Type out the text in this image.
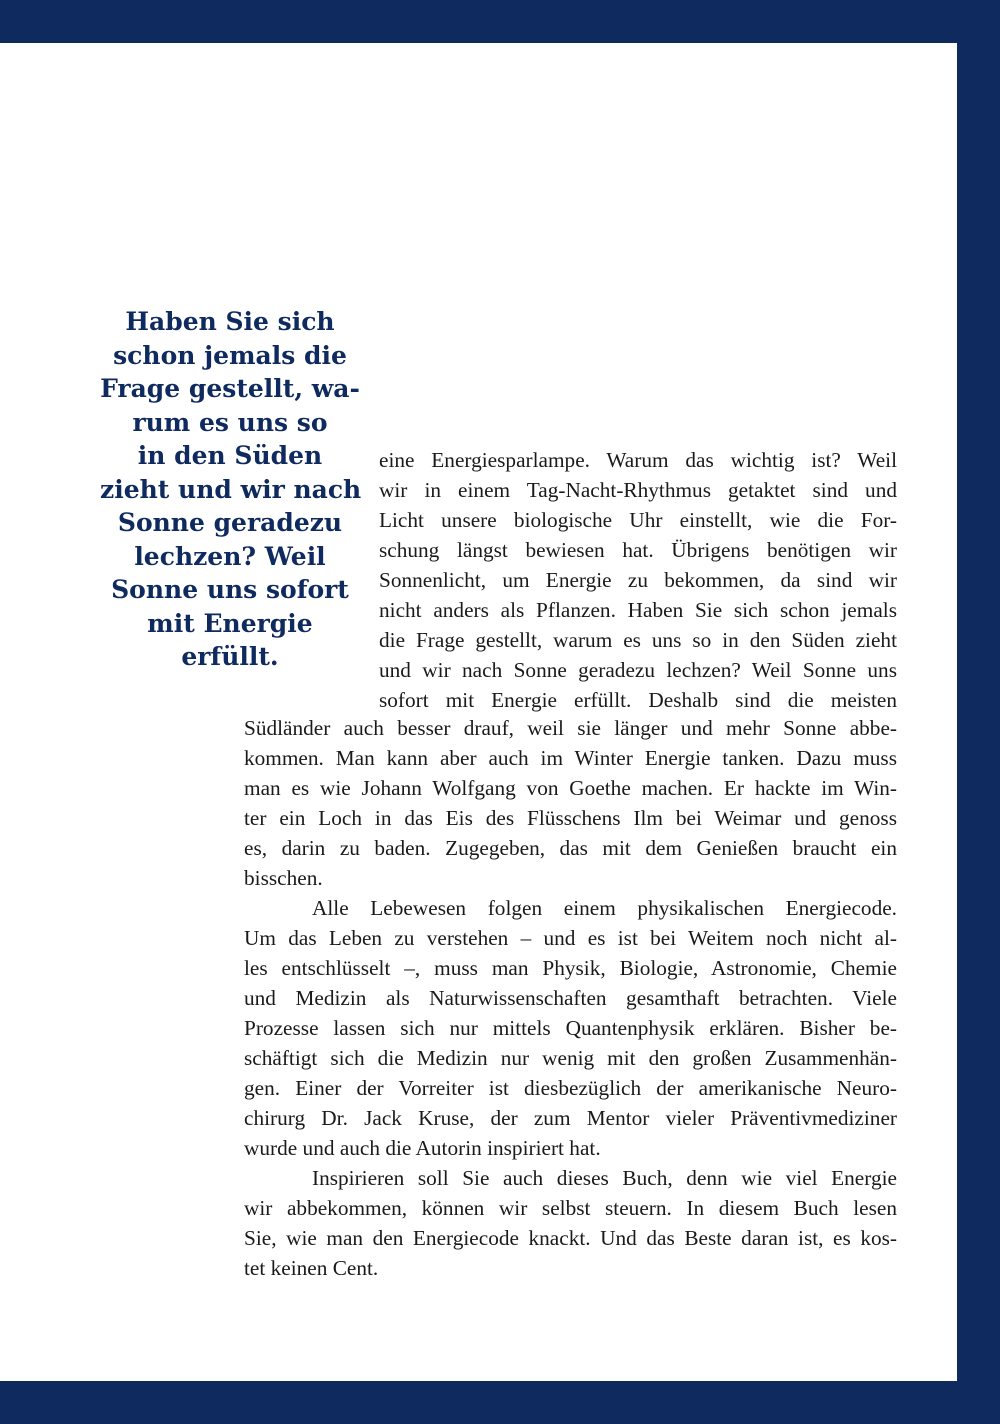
Haben Sie sich
schon jemals die
Frage gestellt, wa-
rum es uns so
in den Süden
zieht und wir nach
Sonne geradezu
lechzen? Weil
Sonne uns sofort
mit Energie
erfüllt.

eine Energiesparlampe. Warum das wichtig ist? Weil
wir in einem Tag-Nacht-Rhythmus getaktet sind und
Licht unsere biologische Uhr einstellt, wie die For-
schung längst bewiesen hat. Übrigens benötigen wir
Sonnenlicht, um Energie zu bekommen, da sind wir
nicht anders als Pflanzen. Haben Sie sich schon jemals
die Frage gestellt, warum es uns so in den Süden zieht
und wir nach Sonne geradezu lechzen? Weil Sonne uns
sofort mit Energie erfüllt. Deshalb sind die meisten

Südländer auch besser drauf, weil sie länger und mehr Sonne abbe-
kommen. Man kann aber auch im Winter Energie tanken. Dazu muss
man es wie Johann Wolfgang von Goethe machen. Er hackte im Win-
ter ein Loch in das Eis des Flüsschens Ilm bei Weimar und genoss
es, darin zu baden. Zugegeben, das mit dem Genießen braucht ein
bisschen.

Alle Lebewesen folgen einem physikalischen Energiecode.
Um das Leben zu verstehen – und es ist bei Weitem noch nicht al-
les entschlüsselt –, muss man Physik, Biologie, Astronomie, Chemie
und Medizin als Naturwissenschaften gesamthaft betrachten. Viele
Prozesse lassen sich nur mittels Quantenphysik erklären. Bisher be-
schäftigt sich die Medizin nur wenig mit den großen Zusammenhän-
gen. Einer der Vorreiter ist diesbezüglich der amerikanische Neuro-
chirurg Dr. Jack Kruse, der zum Mentor vieler Präventivmediziner
wurde und auch die Autorin inspiriert hat.

Inspirieren soll Sie auch dieses Buch, denn wie viel Energie
wir abbekommen, können wir selbst steuern. In diesem Buch lesen
Sie, wie man den Energiecode knackt. Und das Beste daran ist, es kos-
tet keinen Cent.
